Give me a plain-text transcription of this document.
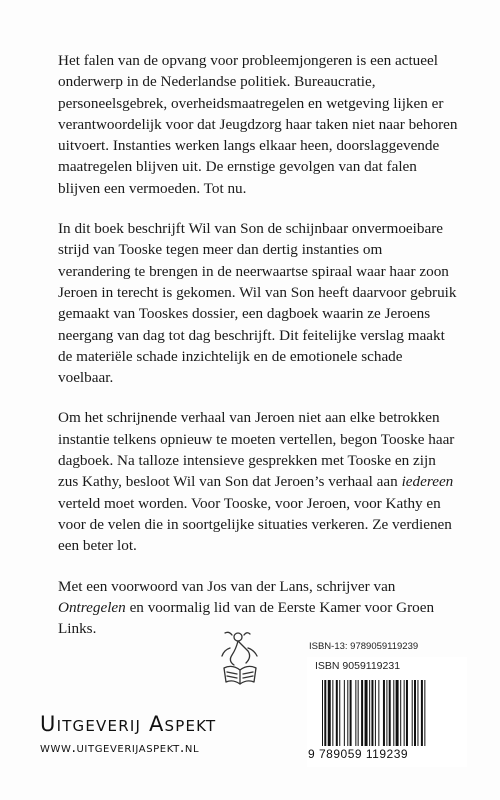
Het falen van de opvang voor probleemjongeren is een actueel onderwerp in de Nederlandse politiek. Bureaucratie, personeelsgebrek, overheidsmaatregelen en wetgeving lijken er verantwoordelijk voor dat Jeugdzorg haar taken niet naar behoren uitvoert. Instanties werken langs elkaar heen, doorslaggevende maatregelen blijven uit. De ernstige gevolgen van dat falen blijven een vermoeden. Tot nu.

In dit boek beschrijft Wil van Son de schijnbaar onvermoeibare strijd van Tooske tegen meer dan dertig instanties om verandering te brengen in de neerwaartse spiraal waar haar zoon Jeroen in terecht is gekomen. Wil van Son heeft daarvoor gebruik gemaakt van Tooskes dossier, een dagboek waarin ze Jeroens neergang van dag tot dag beschrijft. Dit feitelijke verslag maakt de materiële schade inzichtelijk en de emotionele schade voelbaar.

Om het schrijnende verhaal van Jeroen niet aan elke betrokken instantie telkens opnieuw te moeten vertellen, begon Tooske haar dagboek. Na talloze intensieve gesprekken met Tooske en zijn zus Kathy, besloot Wil van Son dat Jeroen’s verhaal aan iedereen verteld moet worden. Voor Tooske, voor Jeroen, voor Kathy en voor de velen die in soortgelijke situaties verkeren. Ze verdienen een beter lot.

Met een voorwoord van Jos van der Lans, schrijver van Ontregelen en voormalig lid van de Eerste Kamer voor Groen Links.

Uitgeverij Aspekt
www.uitgeverijaspekt.nl
ISBN-13: 9789059119239
ISBN 9059119231
9 789059 119239
